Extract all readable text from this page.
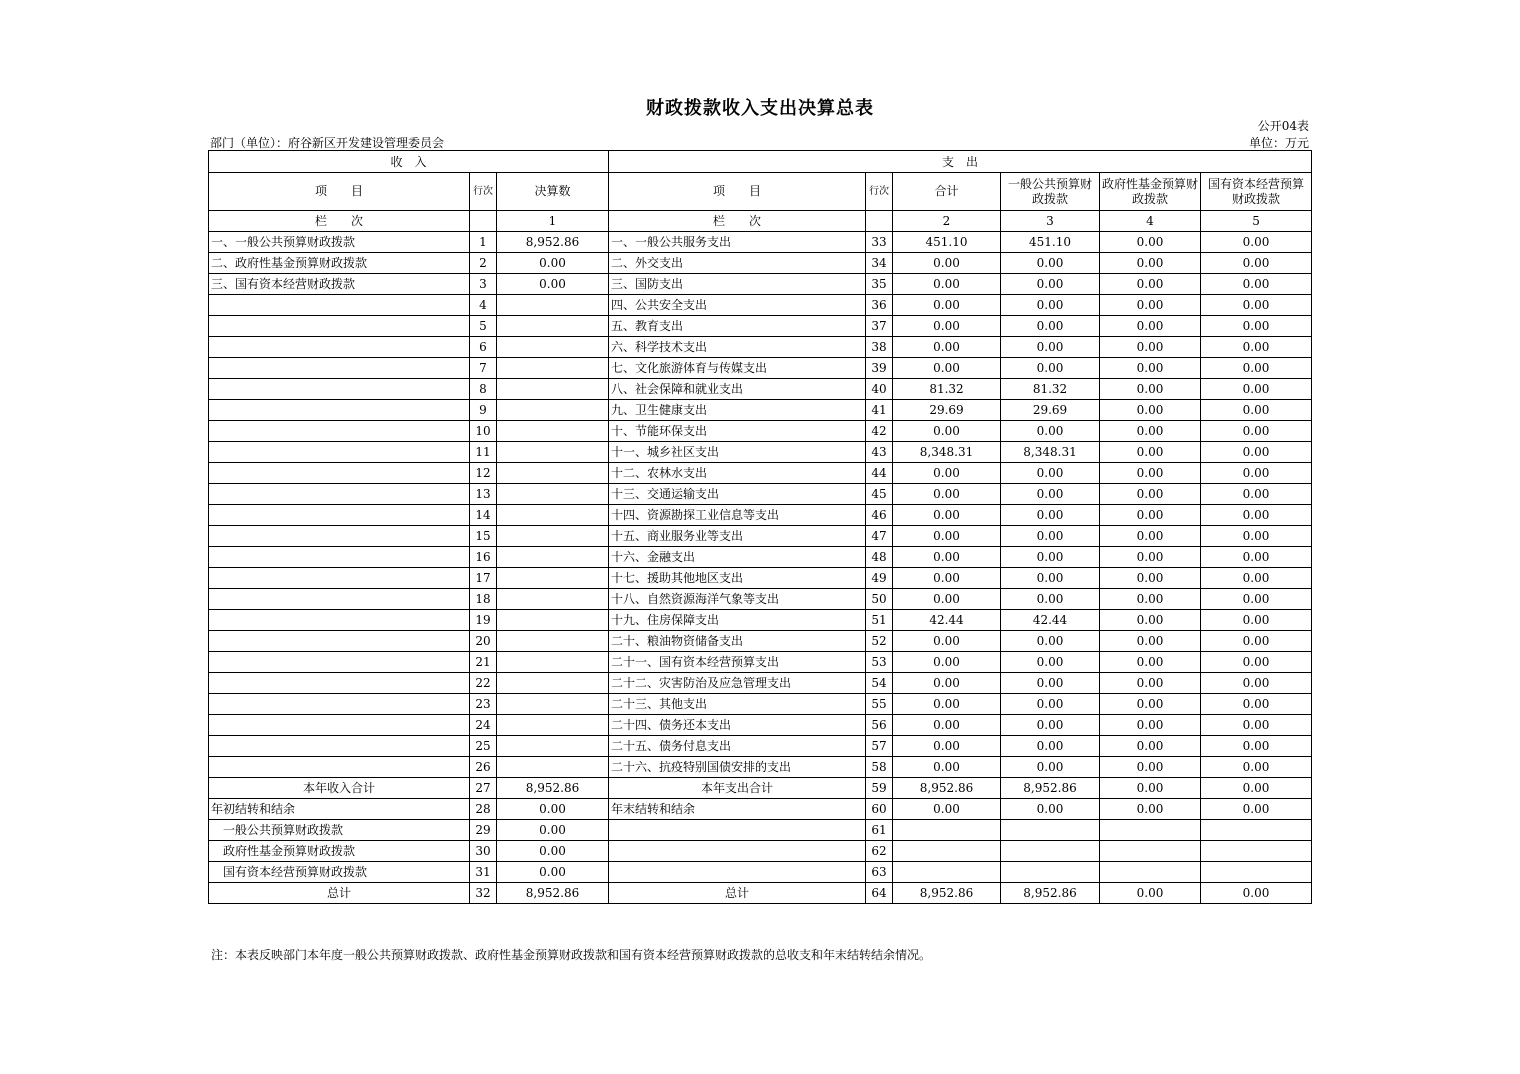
财政拨款收入支出决算总表
公开04表
部门（单位）：府谷新区开发建设管理委员会	单位：万元
收　入			支　出					
项　　目	行次	决算数	项　　目	行次	合计	一般公共预算财政拨款	政府性基金预算财政拨款	国有资本经营预算财政拨款
栏　　次		1	栏　　次		2	3	4	5
一、一般公共预算财政拨款	1	8,952.86	一、一般公共服务支出	33	451.10	451.10	0.00	0.00
二、政府性基金预算财政拨款	2	0.00	二、外交支出	34	0.00	0.00	0.00	0.00
三、国有资本经营财政拨款	3	0.00	三、国防支出	35	0.00	0.00	0.00	0.00
	4		四、公共安全支出	36	0.00	0.00	0.00	0.00
	5		五、教育支出	37	0.00	0.00	0.00	0.00
	6		六、科学技术支出	38	0.00	0.00	0.00	0.00
	7		七、文化旅游体育与传媒支出	39	0.00	0.00	0.00	0.00
	8		八、社会保障和就业支出	40	81.32	81.32	0.00	0.00
	9		九、卫生健康支出	41	29.69	29.69	0.00	0.00
	10		十、节能环保支出	42	0.00	0.00	0.00	0.00
	11		十一、城乡社区支出	43	8,348.31	8,348.31	0.00	0.00
	12		十二、农林水支出	44	0.00	0.00	0.00	0.00
	13		十三、交通运输支出	45	0.00	0.00	0.00	0.00
	14		十四、资源勘探工业信息等支出	46	0.00	0.00	0.00	0.00
	15		十五、商业服务业等支出	47	0.00	0.00	0.00	0.00
	16		十六、金融支出	48	0.00	0.00	0.00	0.00
	17		十七、援助其他地区支出	49	0.00	0.00	0.00	0.00
	18		十八、自然资源海洋气象等支出	50	0.00	0.00	0.00	0.00
	19		十九、住房保障支出	51	42.44	42.44	0.00	0.00
	20		二十、粮油物资储备支出	52	0.00	0.00	0.00	0.00
	21		二十一、国有资本经营预算支出	53	0.00	0.00	0.00	0.00
	22		二十二、灾害防治及应急管理支出	54	0.00	0.00	0.00	0.00
	23		二十三、其他支出	55	0.00	0.00	0.00	0.00
	24		二十四、债务还本支出	56	0.00	0.00	0.00	0.00
	25		二十五、债务付息支出	57	0.00	0.00	0.00	0.00
	26		二十六、抗疫特别国债安排的支出	58	0.00	0.00	0.00	0.00
本年收入合计	27	8,952.86	本年支出合计	59	8,952.86	8,952.86	0.00	0.00
年初结转和结余	28	0.00	年末结转和结余	60	0.00	0.00	0.00	0.00
一般公共预算财政拨款	29	0.00		61				
政府性基金预算财政拨款	30	0.00		62				
国有资本经营预算财政拨款	31	0.00		63				
总计	32	8,952.86	总计	64	8,952.86	8,952.86	0.00	0.00
注：本表反映部门本年度一般公共预算财政拨款、政府性基金预算财政拨款和国有资本经营预算财政拨款的总收支和年末结转结余情况。
